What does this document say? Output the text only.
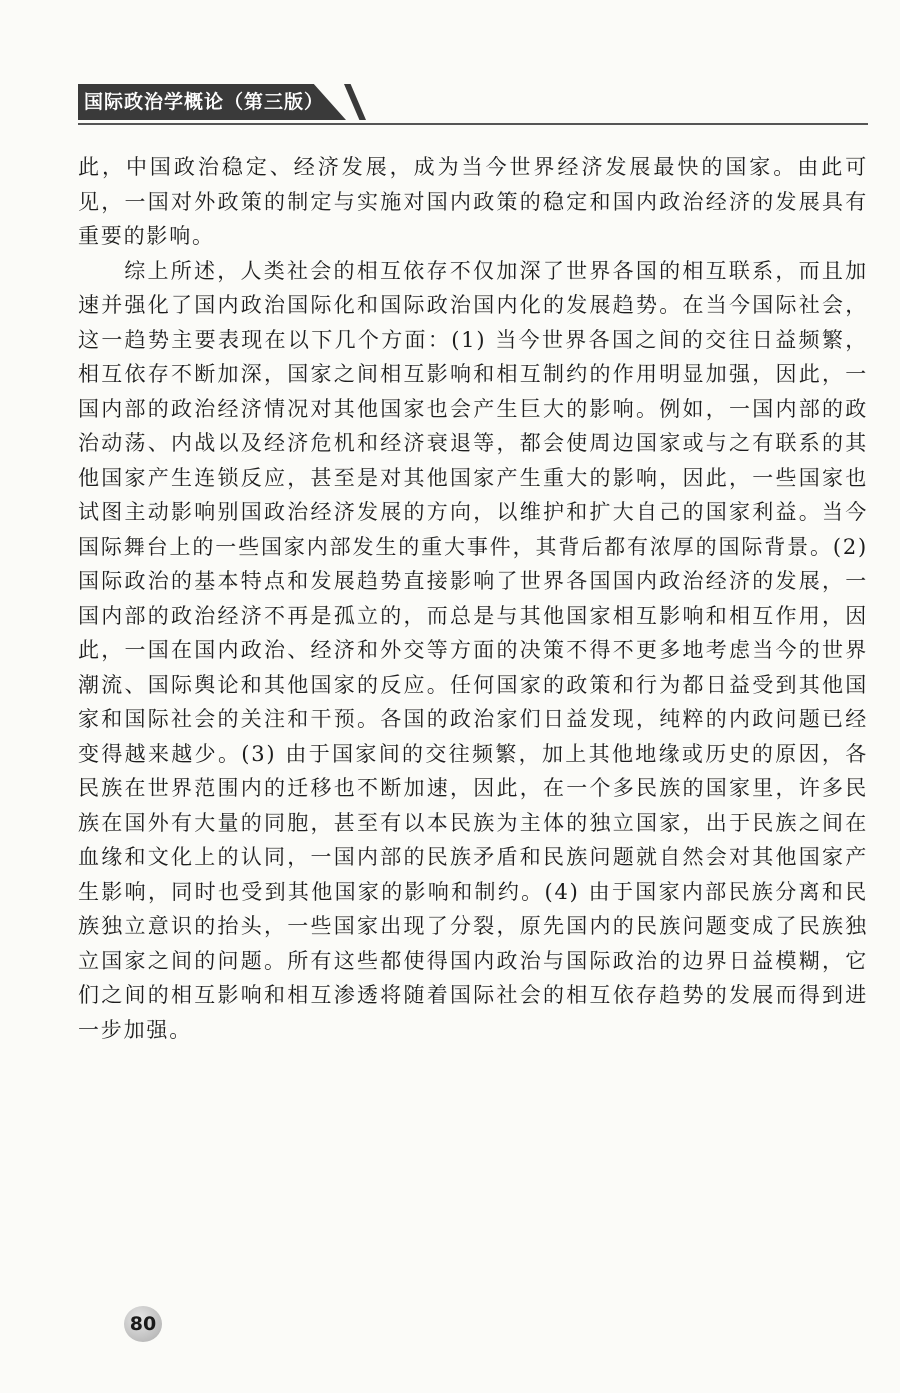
国际政治学概论（第三版）

此，中国政治稳定、经济发展，成为当今世界经济发展最快的国家。由此可见，一国对外政策的制定与实施对国内政策的稳定和国内政治经济的发展具有重要的影响。

综上所述，人类社会的相互依存不仅加深了世界各国的相互联系，而且加速并强化了国内政治国际化和国际政治国内化的发展趋势。在当今国际社会，这一趋势主要表现在以下几个方面：(1) 当今世界各国之间的交往日益频繁，相互依存不断加深，国家之间相互影响和相互制约的作用明显加强，因此，一国内部的政治经济情况对其他国家也会产生巨大的影响。例如，一国内部的政治动荡、内战以及经济危机和经济衰退等，都会使周边国家或与之有联系的其他国家产生连锁反应，甚至是对其他国家产生重大的影响，因此，一些国家也试图主动影响别国政治经济发展的方向，以维护和扩大自己的国家利益。当今国际舞台上的一些国家内部发生的重大事件，其背后都有浓厚的国际背景。(2) 国际政治的基本特点和发展趋势直接影响了世界各国国内政治经济的发展，一国内部的政治经济不再是孤立的，而总是与其他国家相互影响和相互作用，因此，一国在国内政治、经济和外交等方面的决策不得不更多地考虑当今的世界潮流、国际舆论和其他国家的反应。任何国家的政策和行为都日益受到其他国家和国际社会的关注和干预。各国的政治家们日益发现，纯粹的内政问题已经变得越来越少。(3) 由于国家间的交往频繁，加上其他地缘或历史的原因，各民族在世界范围内的迁移也不断加速，因此，在一个多民族的国家里，许多民族在国外有大量的同胞，甚至有以本民族为主体的独立国家，出于民族之间在血缘和文化上的认同，一国内部的民族矛盾和民族问题就自然会对其他国家产生影响，同时也受到其他国家的影响和制约。(4) 由于国家内部民族分离和民族独立意识的抬头，一些国家出现了分裂，原先国内的民族问题变成了民族独立国家之间的问题。所有这些都使得国内政治与国际政治的边界日益模糊，它们之间的相互影响和相互渗透将随着国际社会的相互依存趋势的发展而得到进一步加强。

80
